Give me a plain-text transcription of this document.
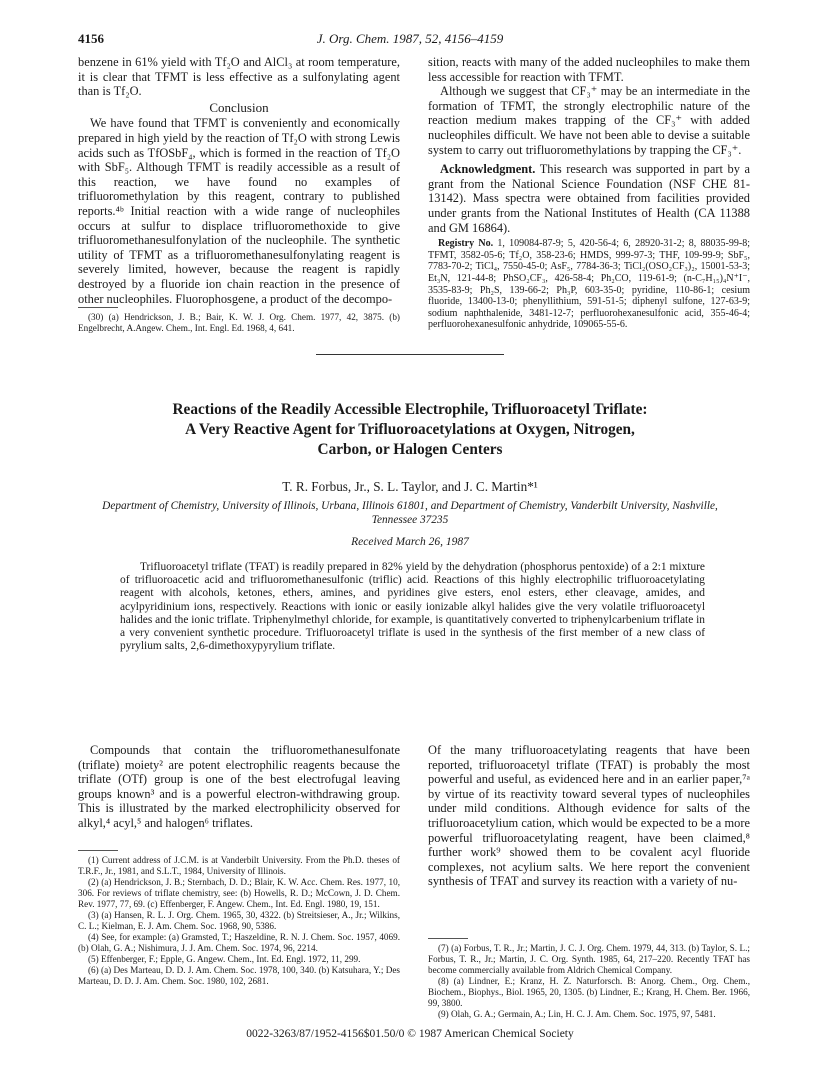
4156	J. Org. Chem. 1987, 52, 4156–4159

benzene in 61% yield with Tf₂O and AlCl₃ at room temperature, it is clear that TFMT is less effective as a sulfonylating agent than is Tf₂O.

Conclusion

We have found that TFMT is conveniently and economically prepared in high yield by the reaction of Tf₂O with strong Lewis acids such as TfOSbF₄, which is formed in the reaction of Tf₂O with SbF₅. Although TFMT is readily accessible as a result of this reaction, we have found no examples of trifluoromethylation by this reagent, contrary to published reports.⁴ᵇ Initial reaction with a wide range of nucleophiles occurs at sulfur to displace trifluoromethoxide to give trifluoromethanesulfonylation of the nucleophile. The synthetic utility of TFMT as a trifluoromethanesulfonylating reagent is severely limited, however, because the reagent is rapidly destroyed by a fluoride ion chain reaction in the presence of other nucleophiles. Fluorophosgene, a product of the decompo-

(30) (a) Hendrickson, J. B.; Bair, K. W. J. Org. Chem. 1977, 42, 3875. (b) Engelbrecht, A.Angew. Chem., Int. Engl. Ed. 1968, 4, 641.

sition, reacts with many of the added nucleophiles to make them less accessible for reaction with TFMT.

Although we suggest that CF₃⁺ may be an intermediate in the formation of TFMT, the strongly electrophilic nature of the reaction medium makes trapping of the CF₃⁺ with added nucleophiles difficult. We have not been able to devise a suitable system to carry out trifluoromethylations by trapping the CF₃⁺.

Acknowledgment. This research was supported in part by a grant from the National Science Foundation (NSF CHE 81-13142). Mass spectra were obtained from facilities provided under grants from the National Institutes of Health (CA 11388 and GM 16864).

Registry No. 1, 109084-87-9; 5, 420-56-4; 6, 28920-31-2; 8, 88035-99-8; TFMT, 3582-05-6; Tf₂O, 358-23-6; HMDS, 999-97-3; THF, 109-99-9; SbF₅, 7783-70-2; TiCl₄, 7550-45-0; AsF₅, 7784-36-3; TiCl₂(OSO₂CF₃)₂, 15001-53-3; Et₃N, 121-44-8; PhSO₂CF₃, 426-58-4; Ph₂CO, 119-61-9; (n-C₇H₁₅)₄N⁺I⁻, 3535-83-9; Ph₂S, 139-66-2; Ph₃P, 603-35-0; pyridine, 110-86-1; cesium fluoride, 13400-13-0; phenyllithium, 591-51-5; diphenyl sulfone, 127-63-9; sodium naphthalenide, 3481-12-7; perfluorohexanesulfonic acid, 355-46-4; perfluorohexanesulfonic anhydride, 109065-55-6.

Reactions of the Readily Accessible Electrophile, Trifluoroacetyl Triflate:
A Very Reactive Agent for Trifluoroacetylations at Oxygen, Nitrogen,
Carbon, or Halogen Centers
T. R. Forbus, Jr., S. L. Taylor, and J. C. Martin*¹
Department of Chemistry, University of Illinois, Urbana, Illinois 61801, and Department of Chemistry, Vanderbilt University, Nashville, Tennessee 37235
Received March 26, 1987

Trifluoroacetyl triflate (TFAT) is readily prepared in 82% yield by the dehydration (phosphorus pentoxide) of a 2:1 mixture of trifluoroacetic acid and trifluoromethanesulfonic (triflic) acid. Reactions of this highly electrophilic trifluoroacetylating reagent with alcohols, ketones, ethers, amines, and pyridines give esters, enol esters, ether cleavage, amides, and acylpyridinium ions, respectively. Reactions with ionic or easily ionizable alkyl halides give the very volatile trifluoroacetyl halides and the ionic triflate. Triphenylmethyl chloride, for example, is quantitatively converted to triphenylcarbenium triflate in a very convenient synthetic procedure. Trifluoroacetyl triflate is used in the synthesis of the first member of a new class of pyrylium salts, 2,6-dimethoxypyrylium triflate.

Compounds that contain the trifluoromethanesulfonate (triflate) moiety² are potent electrophilic reagents because the triflate (OTf) group is one of the best electrofugal leaving groups known³ and is a powerful electron-withdrawing group. This is illustrated by the marked electrophilicity observed for alkyl,⁴ acyl,⁵ and halogen⁶ triflates.

(1) Current address of J.C.M. is at Vanderbilt University. From the Ph.D. theses of T.R.F., Jr., 1981, and S.L.T., 1984, University of Illinois.

(2) (a) Hendrickson, J. B.; Sternbach, D. D.; Blair, K. W. Acc. Chem. Res. 1977, 10, 306. For reviews of triflate chemistry, see: (b) Howells, R. D.; McCown, J. D. Chem. Rev. 1977, 77, 69. (c) Effenberger, F. Angew. Chem., Int. Ed. Engl. 1980, 19, 151.

(3) (a) Hansen, R. L. J. Org. Chem. 1965, 30, 4322. (b) Streitsieser, A., Jr.; Wilkins, C. L.; Kielman, E. J. Am. Chem. Soc. 1968, 90, 5386.

(4) See, for example: (a) Gramsted, T.; Haszeldine, R. N. J. Chem. Soc. 1957, 4069. (b) Olah, G. A.; Nishimura, J. J. Am. Chem. Soc. 1974, 96, 2214.

(5) Effenberger, F.; Epple, G. Angew. Chem., Int. Ed. Engl. 1972, 11, 299.

(6) (a) Des Marteau, D. D. J. Am. Chem. Soc. 1978, 100, 340. (b) Katsuhara, Y.; Des Marteau, D. D. J. Am. Chem. Soc. 1980, 102, 2681.

Of the many trifluoroacetylating reagents that have been reported, trifluoroacetyl triflate (TFAT) is probably the most powerful and useful, as evidenced here and in an earlier paper,⁷ᵃ by virtue of its reactivity toward several types of nucleophiles under mild conditions. Although evidence for salts of the trifluoroacetylium cation, which would be expected to be a more powerful trifluoroacetylating reagent, have been claimed,⁸ further work⁹ showed them to be covalent acyl fluoride complexes, not acylium salts. We here report the convenient synthesis of TFAT and survey its reaction with a variety of nu-

(7) (a) Forbus, T. R., Jr.; Martin, J. C. J. Org. Chem. 1979, 44, 313. (b) Taylor, S. L.; Forbus, T. R., Jr.; Martin, J. C. Org. Synth. 1985, 64, 217–220. Recently TFAT has become commercially available from Aldrich Chemical Company.

(8) (a) Lindner, E.; Kranz, H. Z. Naturforsch. B: Anorg. Chem., Org. Chem., Biochem., Biophys., Biol. 1965, 20, 1305. (b) Lindner, E.; Krang, H. Chem. Ber. 1966, 99, 3800.

(9) Olah, G. A.; Germain, A.; Lin, H. C. J. Am. Chem. Soc. 1975, 97, 5481.

0022-3263/87/1952-4156$01.50/0 © 1987 American Chemical Society
